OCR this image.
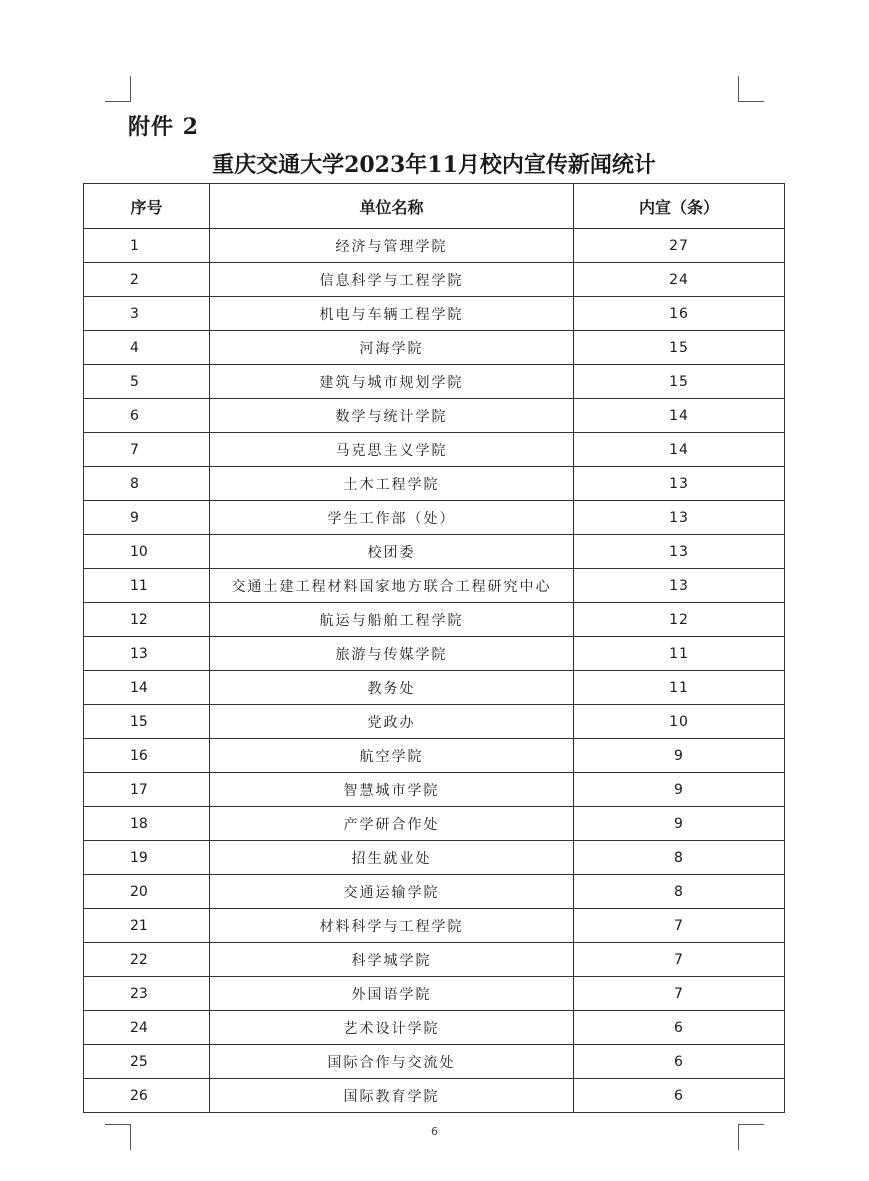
附件 2
重庆交通大学2023年11月校内宣传新闻统计
序号	单位名称	内宣（条）
1	经济与管理学院	27
2	信息科学与工程学院	24
3	机电与车辆工程学院	16
4	河海学院	15
5	建筑与城市规划学院	15
6	数学与统计学院	14
7	马克思主义学院	14
8	土木工程学院	13
9	学生工作部（处）	13
10	校团委	13
11	交通土建工程材料国家地方联合工程研究中心	13
12	航运与船舶工程学院	12
13	旅游与传媒学院	11
14	教务处	11
15	党政办	10
16	航空学院	9
17	智慧城市学院	9
18	产学研合作处	9
19	招生就业处	8
20	交通运输学院	8
21	材料科学与工程学院	7
22	科学城学院	7
23	外国语学院	7
24	艺术设计学院	6
25	国际合作与交流处	6
26	国际教育学院	6
6
